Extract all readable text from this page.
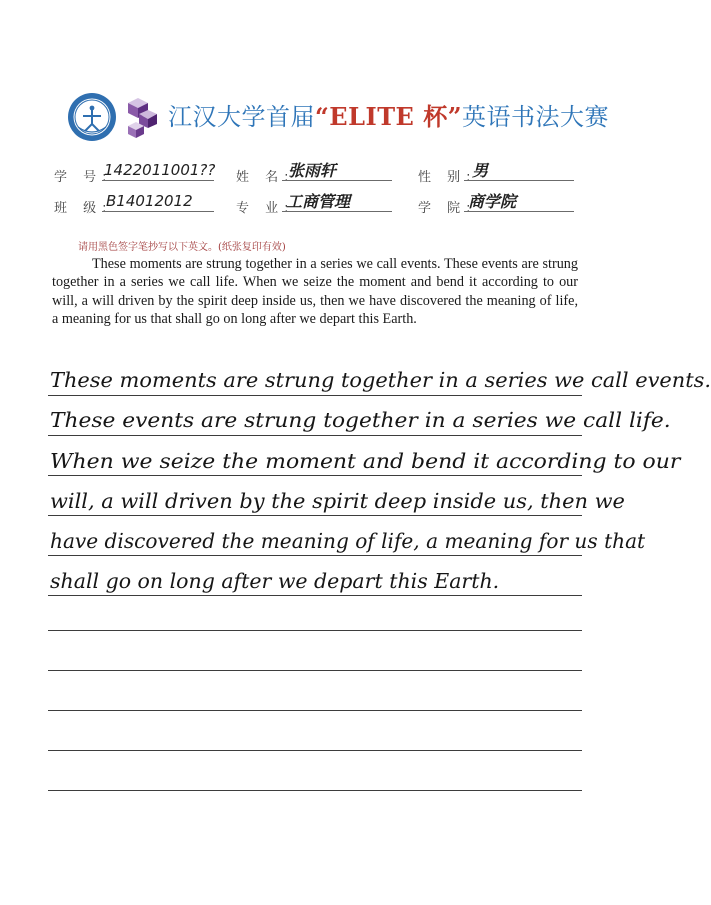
江汉大学首届“ELITE 杯”英语书法大赛
学 号:
1422011001?? 姓 名:
张雨轩	性 别:
男
班 级:
B14012012	专 业:
工商管理	学 院:
商学院
请用黑色签字笔抄写以下英文。(纸张复印有效)
These moments are strung together in a series we call events. These events are strung together in a series we call life. When we seize the moment and bend it according to our will, a will driven by the spirit deep inside us, then we have discovered the meaning of life, a meaning for us that shall go on long after we depart this Earth.
These moments are strung together in a series we call events.
These events are strung together in a series we call life.
When we seize the moment and bend it according to our
will, a will driven by the spirit deep inside us, then we
have discovered the meaning of life, a meaning for us that
shall go on long after we depart this Earth.
